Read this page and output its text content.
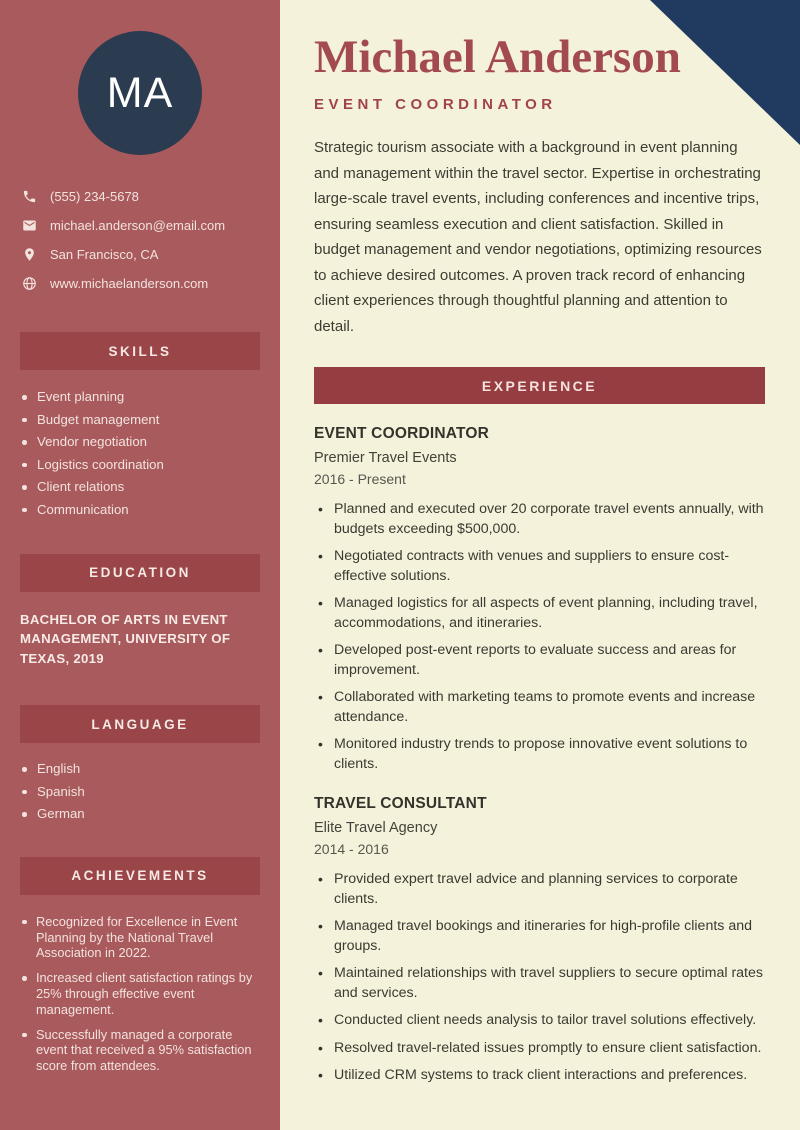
MA
(555) 234-5678
michael.anderson@email.com
San Francisco, CA
www.michaelanderson.com
SKILLS
Event planning
Budget management
Vendor negotiation
Logistics coordination
Client relations
Communication
EDUCATION
BACHELOR OF ARTS IN EVENT MANAGEMENT, UNIVERSITY OF TEXAS, 2019
LANGUAGE
English
Spanish
German
ACHIEVEMENTS
Recognized for Excellence in Event Planning by the National Travel Association in 2022.
Increased client satisfaction ratings by 25% through effective event management.
Successfully managed a corporate event that received a 95% satisfaction score from attendees.
Michael Anderson
EVENT COORDINATOR

Strategic tourism associate with a background in event planning and management within the travel sector. Expertise in orchestrating large-scale travel events, including conferences and incentive trips, ensuring seamless execution and client satisfaction. Skilled in budget management and vendor negotiations, optimizing resources to achieve desired outcomes. A proven track record of enhancing client experiences through thoughtful planning and attention to detail.

EXPERIENCE
EVENT COORDINATOR
Premier Travel Events
2016 - Present
• Planned and executed over 20 corporate travel events annually, with budgets exceeding $500,000.
• Negotiated contracts with venues and suppliers to ensure cost-effective solutions.
• Managed logistics for all aspects of event planning, including travel, accommodations, and itineraries.
• Developed post-event reports to evaluate success and areas for improvement.
• Collaborated with marketing teams to promote events and increase attendance.
• Monitored industry trends to propose innovative event solutions to clients.
TRAVEL CONSULTANT
Elite Travel Agency
2014 - 2016
• Provided expert travel advice and planning services to corporate clients.
• Managed travel bookings and itineraries for high-profile clients and groups.
• Maintained relationships with travel suppliers to secure optimal rates and services.
• Conducted client needs analysis to tailor travel solutions effectively.
• Resolved travel-related issues promptly to ensure client satisfaction.
• Utilized CRM systems to track client interactions and preferences.
